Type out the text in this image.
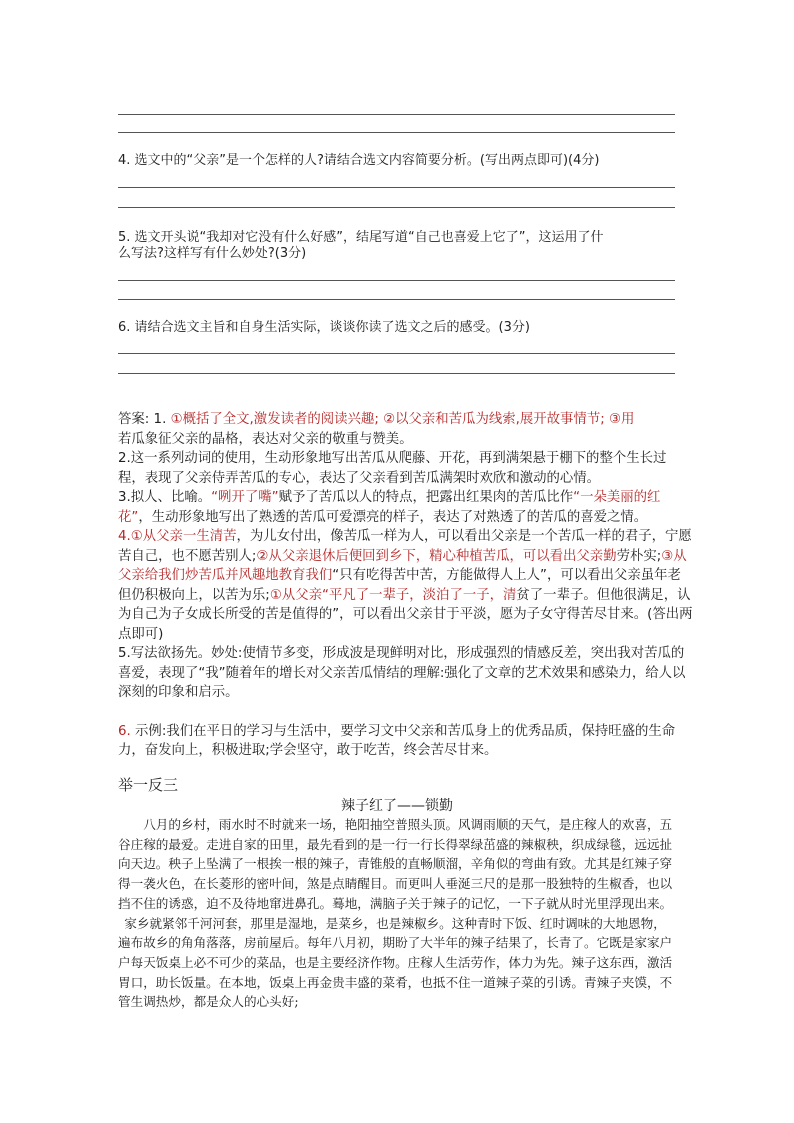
4. 选文中的“父亲”是一个怎样的人?请结合选文内容简要分析。(写出两点即可)(4分)
5. 选文开头说“我却对它没有什么好感”，结尾写道“自己也喜爱上它了”，这运用了什
么写法?这样写有什么妙处?(3分)
6. 请结合选文主旨和自身生活实际，谈谈你读了选文之后的感受。(3分)
答案: 1. ①概括了全文,激发读者的阅读兴趣; ②以父亲和苦瓜为线索,展开故事情节; ③用
若瓜象征父亲的晶格，表达对父亲的敬重与赞美。
2.这一系列动词的使用，生动形象地写出苦瓜从爬藤、开花，再到满架悬于棚下的整个生长过程，表现了父亲侍弄苦瓜的专心，表达了父亲看到苦瓜满架时欢欣和激动的心情。
3.拟人、比喻。“咧开了嘴”赋予了苦瓜以人的特点，把露出红果肉的苦瓜比作“一朵美丽的红花”，生动形象地写出了熟透的苦瓜可爱漂亮的样子，表达了对熟透了的苦瓜的喜爱之情。
4.①从父亲一生清苦，为儿女付出，像苦瓜一样为人，可以看出父亲是一个苦瓜一样的君子，宁愿苦自己，也不愿苦别人;②从父亲退休后便回到乡下，精心种植苦瓜，可以看出父亲勤劳朴实;③从父亲给我们炒苦瓜并风趣地教育我们“只有吃得苦中苦，方能做得人上人”，可以看出父亲虽年老但仍积极向上，以苦为乐;①从父亲“平凡了一辈子，淡泊了一子，清贫了一辈子。但他很满足，认为自己为子女成长所受的苦是值得的”，可以看出父亲甘于平淡，愿为子女守得苦尽甘来。(答出两点即可)
5.写法欲扬先。妙处:使情节多变，形成波是现鲜明对比，形成强烈的情感反差，突出我对苦瓜的喜爱，表现了“我”随着年的增长对父亲苦瓜情结的理解:强化了文章的艺术效果和感染力，给人以深刻的印象和启示。
6. 示例:我们在平日的学习与生活中，要学习文中父亲和苦瓜身上的优秀品质，保持旺盛的生命力，奋发向上，积极进取;学会坚守，敢于吃苦，终会苦尽甘来。
举一反三
辣子红了——锁勤

八月的乡村，雨水时不时就来一场，艳阳抽空普照头顶。风调雨顺的天气，是庄稼人的欢喜，五谷庄稼的最爱。走进自家的田里，最先看到的是一行一行长得翠绿茁盛的辣椒秧，织成绿毯，远远扯向天边。秧子上坠满了一根挨一根的辣子，青锥般的直畅顺溜，辛角似的弯曲有致。尤其是红辣子穿得一袭火色，在长菱形的密叶间，煞是点睛醒目。而更叫人垂涎三尺的是那一股独特的生椒香，也以挡不住的诱惑，迫不及待地窜进鼻孔。蓦地，满脑子关于辣子的记忆，一下子就从时光里浮现出来。

家乡就紧邻千河河套，那里是湿地，是菜乡，也是辣椒乡。这种青时下饭、红时调味的大地恩物，遍布故乡的角角落落，房前屋后。每年八月初，期盼了大半年的辣子结果了，长青了。它既是家家户户每天饭桌上必不可少的菜品，也是主要经济作物。庄稼人生活劳作，体力为先。辣子这东西，激活胃口，助长饭量。在本地，饭桌上再金贵丰盛的菜肴，也抵不住一道辣子菜的引诱。青辣子夹馍，不管生调热炒，都是众人的心头好;
